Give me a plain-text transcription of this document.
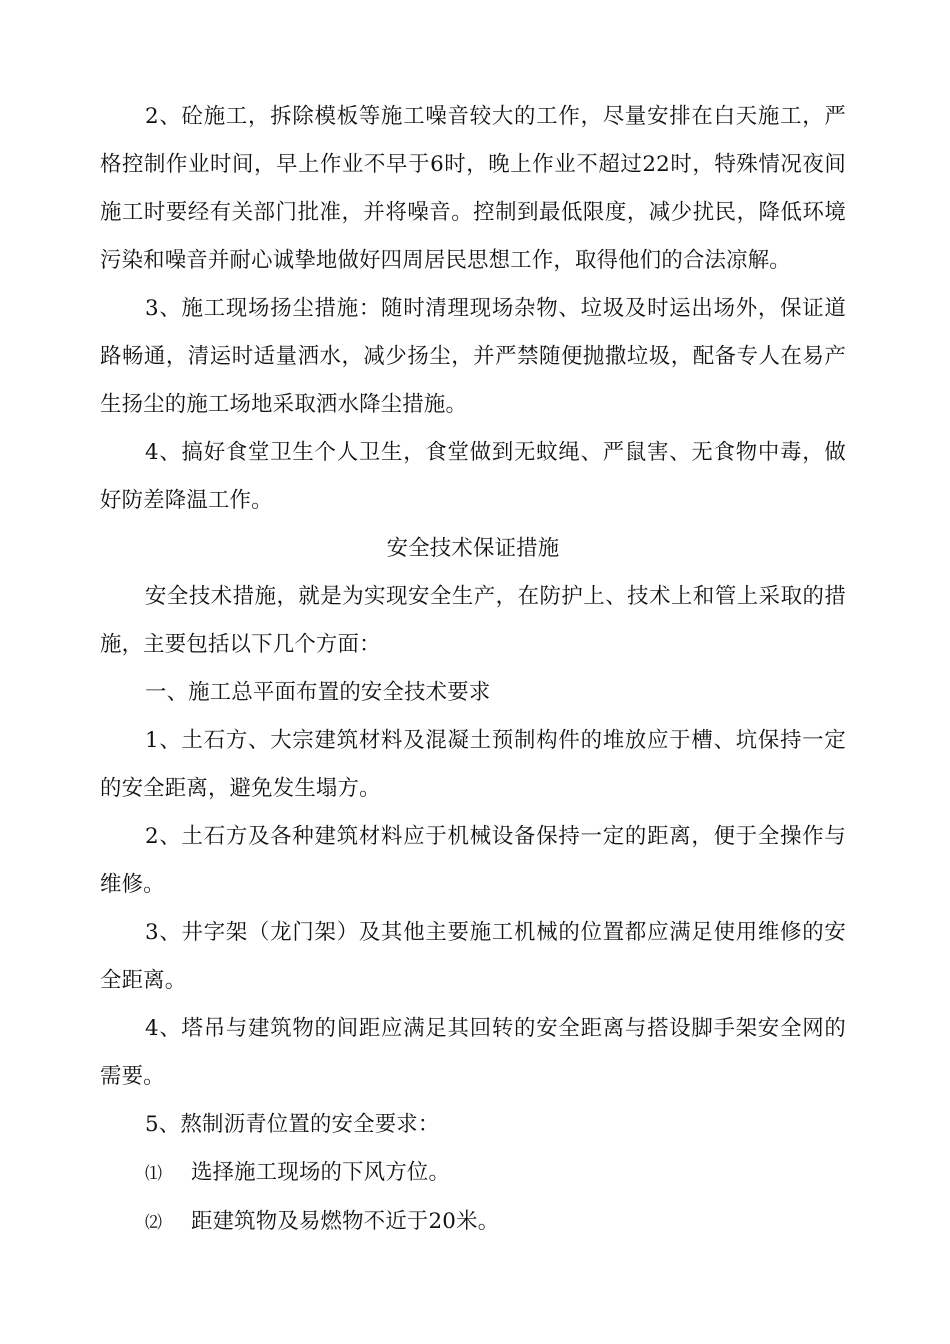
2、砼施工，拆除模板等施工噪音较大的工作，尽量安排在白天施工，严格控制作业时间，早上作业不早于6时，晚上作业不超过22时，特殊情况夜间施工时要经有关部门批准，并将噪音。控制到最低限度，减少扰民，降低环境污染和噪音并耐心诚挚地做好四周居民思想工作，取得他们的合法凉解。

3、施工现场扬尘措施：随时清理现场杂物、垃圾及时运出场外，保证道路畅通，清运时适量洒水，减少扬尘，并严禁随便抛撒垃圾，配备专人在易产生扬尘的施工场地采取洒水降尘措施。

4、搞好食堂卫生个人卫生，食堂做到无蚊绳、严鼠害、无食物中毒，做好防差降温工作。

安全技术保证措施

安全技术措施，就是为实现安全生产，在防护上、技术上和管上采取的措施，主要包括以下几个方面：

一、施工总平面布置的安全技术要求

1、土石方、大宗建筑材料及混凝土预制构件的堆放应于槽、坑保持一定的安全距离，避免发生塌方。

2、土石方及各种建筑材料应于机械设备保持一定的距离，便于全操作与维修。

3、井字架（龙门架）及其他主要施工机械的位置都应满足使用维修的安全距离。

4、塔吊与建筑物的间距应满足其回转的安全距离与搭设脚手架安全网的需要。

5、熬制沥青位置的安全要求：

⑴ 选择施工现场的下风方位。

⑵ 距建筑物及易燃物不近于20米。
